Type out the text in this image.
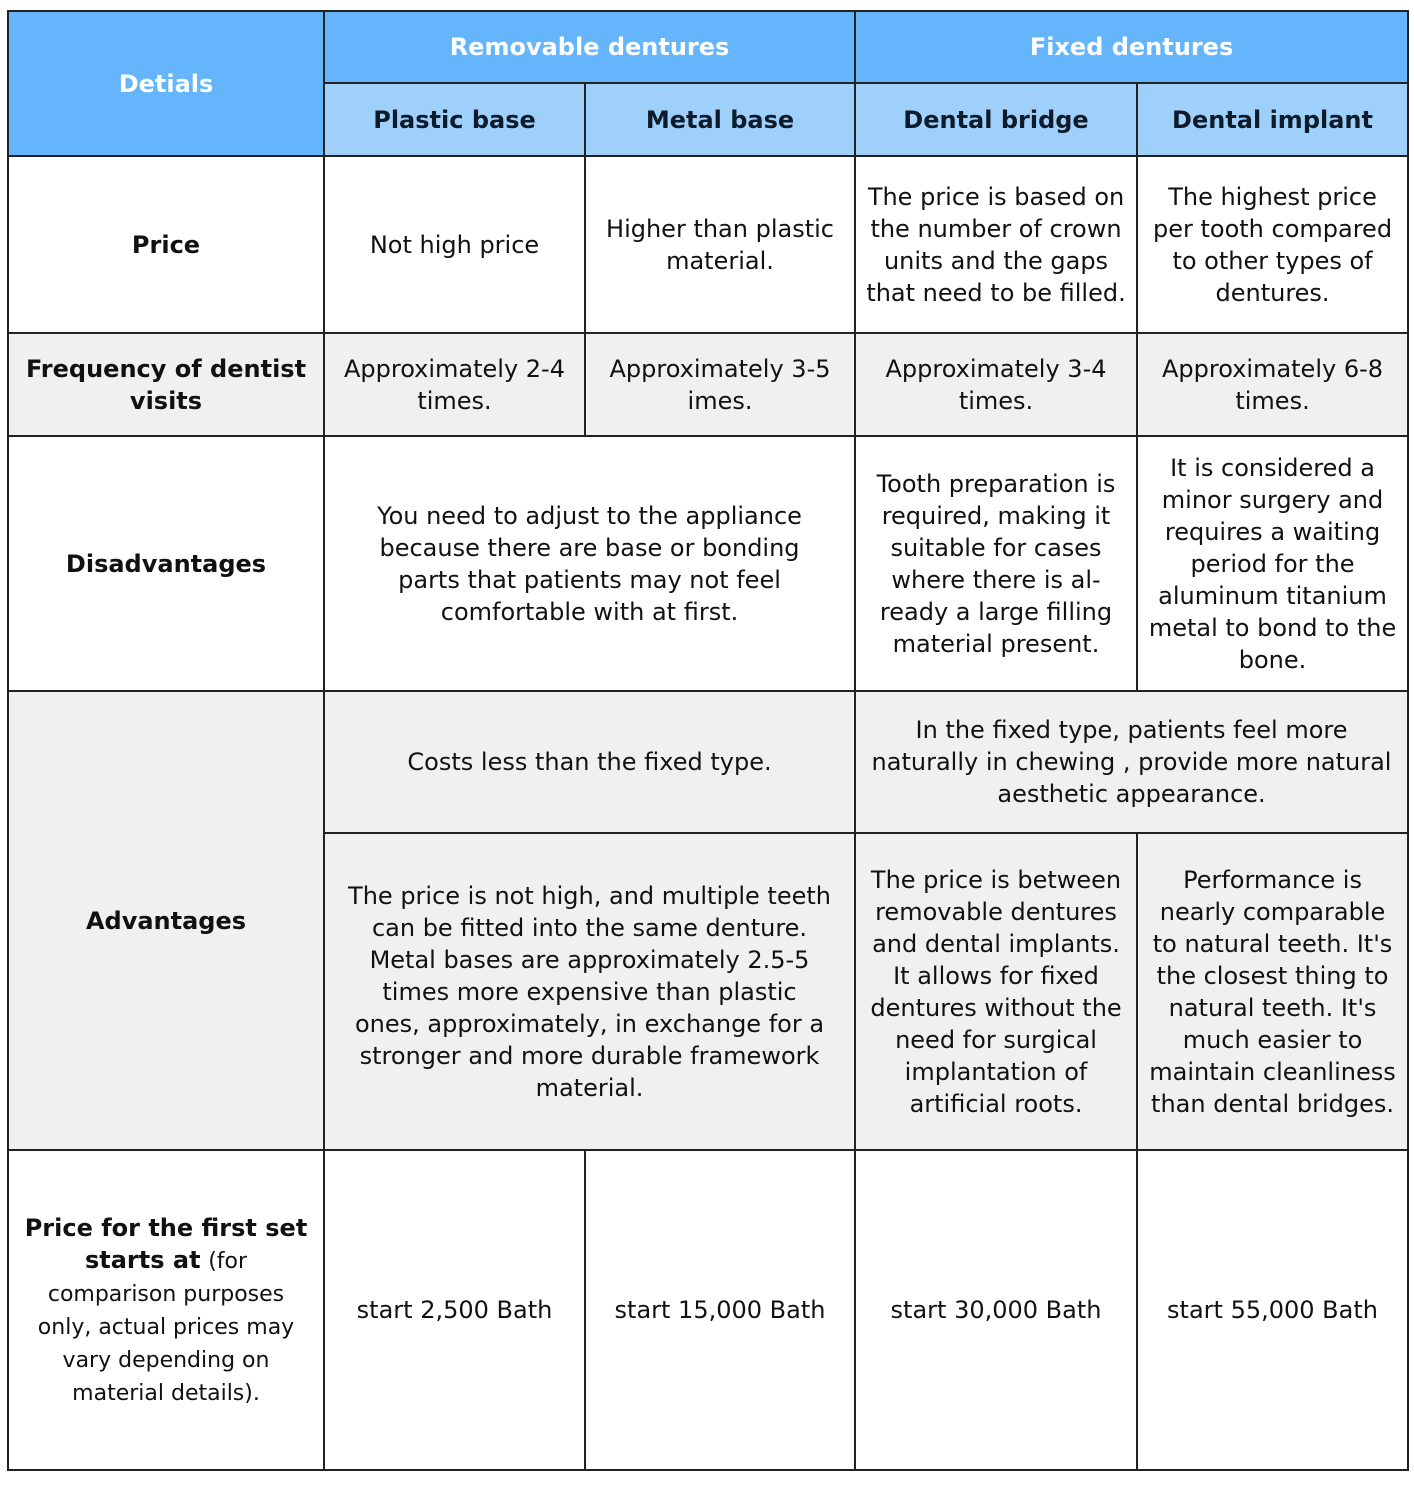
Detials	Removable dentures		Fixed dentures	
	Plastic base	Metal base	Dental bridge	Dental implant
Price	Not high price	Higher than plastic material.	The price is based on the number of crown units and the gaps that need to be filled.	The highest price per tooth compared to other types of dentures.
Frequency of dentist visits	Approximately 2-4 times.	Approximately 3-5 imes.	Approximately 3-4 times.	Approximately 6-8 times.
Disadvantages	You need to adjust to the appliance because there are base or bonding parts that patients may not feel comfortable with at first.		Tooth preparation is required, making it suitable for cases where there is al-ready a large filling material present.	It is considered a minor surgery and requires a waiting period for the aluminum titanium metal to bond to the bone.
Advantages	Costs less than the fixed type.		In the fixed type, patients feel more naturally in chewing , provide more natural aesthetic appearance.	
	The price is not high, and multiple teeth can be fitted into the same denture. Metal bases are approximately 2.5-5 times more expensive than plastic ones, approximately, in exchange for a stronger and more durable framework material.		The price is between removable dentures and dental implants. It allows for fixed dentures without the need for surgical implantation of artificial roots.	Performance is nearly comparable to natural teeth. It's the closest thing to natural teeth. It's much easier to maintain cleanliness than dental bridges.
Price for the first set starts at (for comparison purposes only, actual prices may vary depending on material details).	start 2,500 Bath	start 15,000 Bath	start 30,000 Bath	start 55,000 Bath
